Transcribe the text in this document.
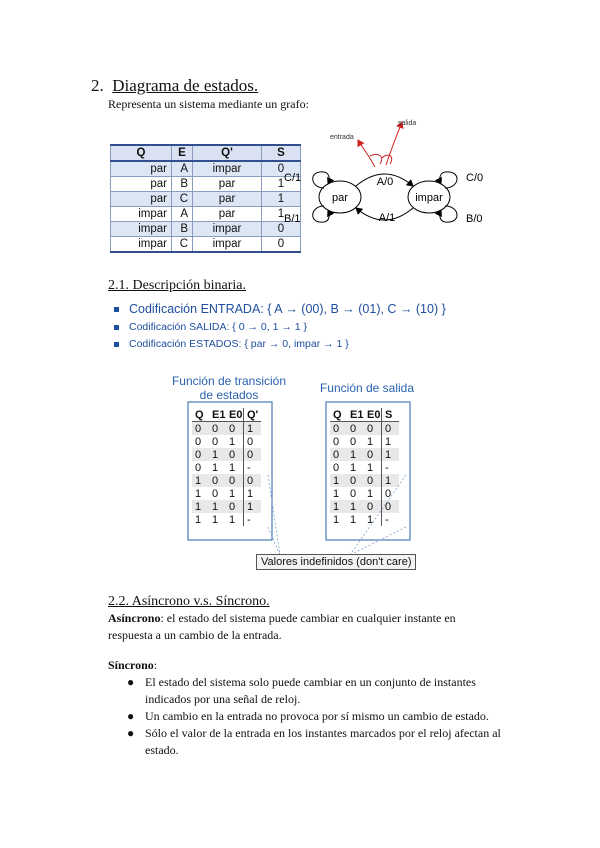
2. Diagrama de estados.
Representa un sistema mediante un grafo:
Q	E	Q'	S
par	A	impar	0
par	B	par	1
par	C	par	1
impar	A	par	1
impar	B	impar	0
impar	C	impar	0
entrada
salida
par	impar
A/0
A/1
C/1
B/1
C/0
B/0
2.1. Descripción binaria.
Codificación ENTRADA: { A → (00), B → (01), C → (10) }
Codificación SALIDA: { 0 → 0, 1 → 1 }
Codificación ESTADOS: { par → 0, impar → 1 }
Función de transición
de estados	Función de salida
Q	E1	E0	Q'
0	0	0	1
0	0	1	0
0	1	0	0
0	1	1	-
1	0	0	0
1	0	1	1
1	1	0	1
1	1	1	-
Q	E1	E0	S
0	0	0	0
0	0	1	1
0	1	0	1
0	1	1	-
1	0	0	1
1	0	1	0
1	1	0	0
1	1	1	-
Valores indefinidos (don't care)
2.2. Asíncrono v.s. Síncrono.
Asíncrono: el estado del sistema puede cambiar en cualquier instante en respuesta a un cambio de la entrada.
Síncrono:
● El estado del sistema solo puede cambiar en un conjunto de instantes indicados por una señal de reloj.
● Un cambio en la entrada no provoca por sí mismo un cambio de estado.
● Sólo el valor de la entrada en los instantes marcados por el reloj afectan al estado.
